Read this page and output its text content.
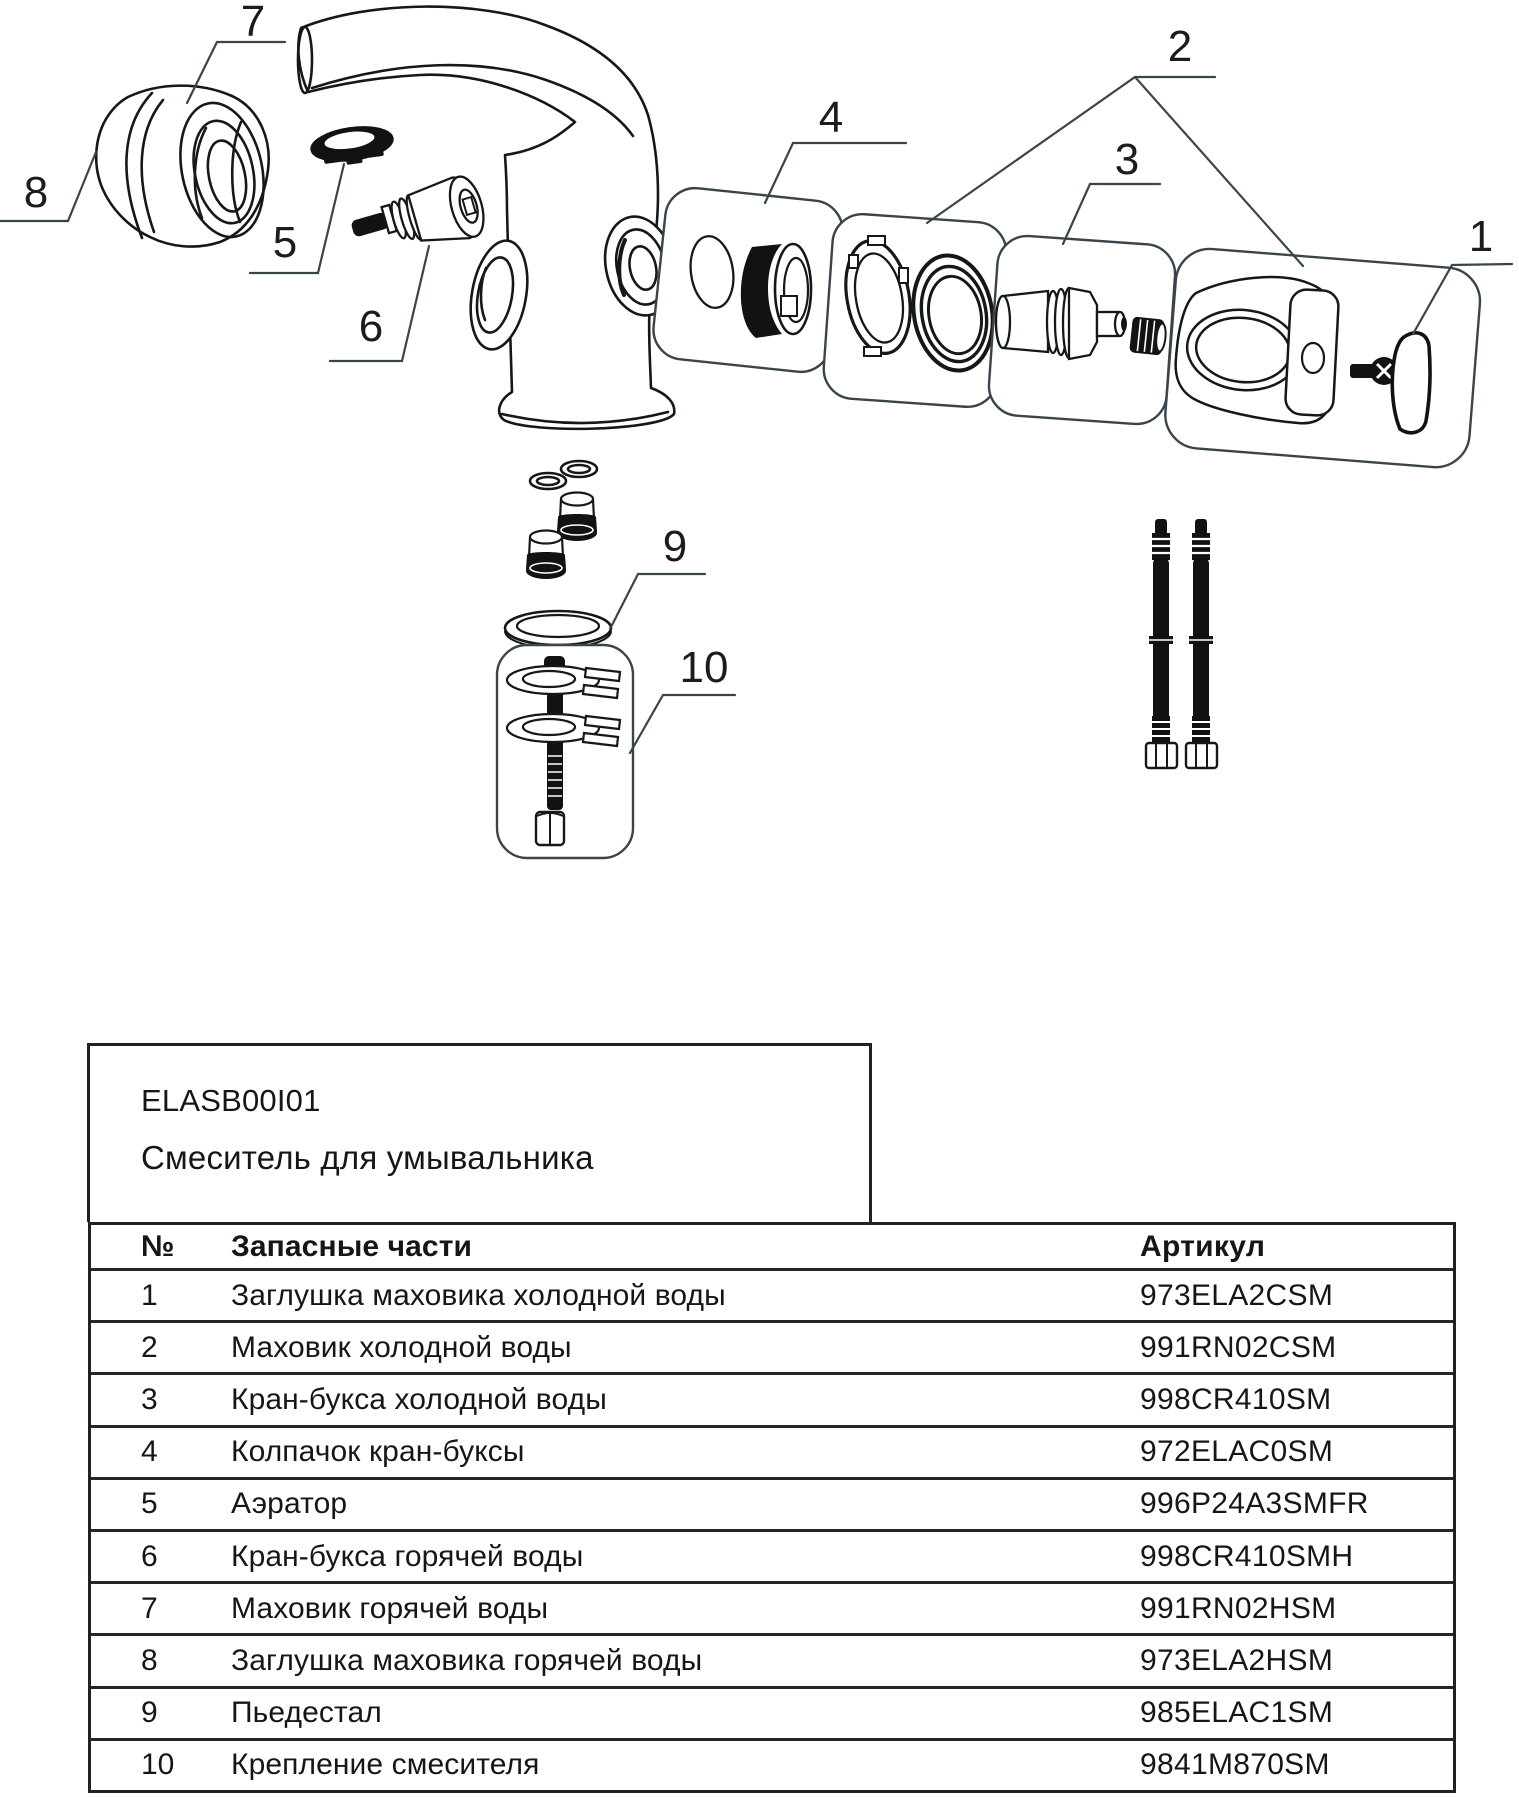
7
8
5
6
4
2
3
1
9
10
ELASB00I01
Смеситель для умывальника
№	Запасные части	Артикул
1	Заглушка маховика холодной воды	973ELA2CSM
2	Маховик холодной воды	991RN02CSM
3	Кран-букса холодной воды	998CR410SM
4	Колпачок кран-буксы	972ELAC0SM
5	Аэратор	996P24A3SMFR
6	Кран-букса горячей воды	998CR410SMH
7	Маховик горячей воды	991RN02HSM
8	Заглушка маховика горячей воды	973ELA2HSM
9	Пьедестал	985ELAC1SM
10	Крепление смесителя	9841M870SM
